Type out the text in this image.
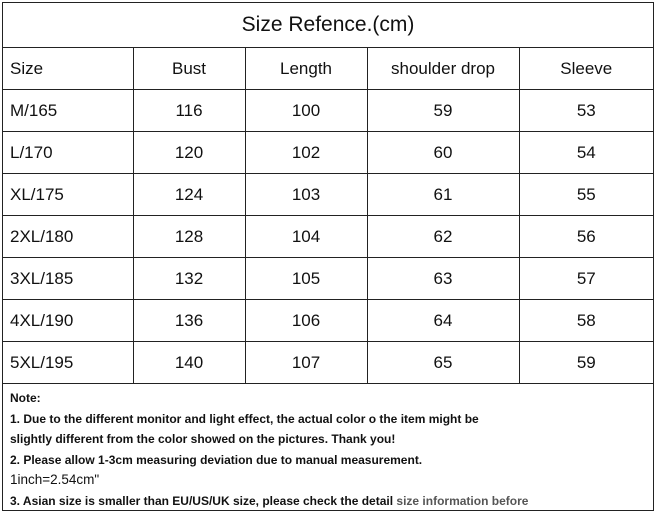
Size Refence.(cm)				
Size	Bust	Length	shoulder drop	Sleeve
M/165	116	100	59	53
L/170	120	102	60	54
XL/175	124	103	61	55
2XL/180	128	104	62	56
3XL/185	132	105	63	57
4XL/190	136	106	64	58
5XL/195	140	107	65	59
Note:
1. Due to the different monitor and light effect, the actual color o the item might be
slightly different from the color showed on the pictures. Thank you!
2. Please allow 1-3cm measuring deviation due to manual measurement.
1inch=2.54cm"
3. Asian size is smaller than EU/US/UK size, please check the detail size information before
